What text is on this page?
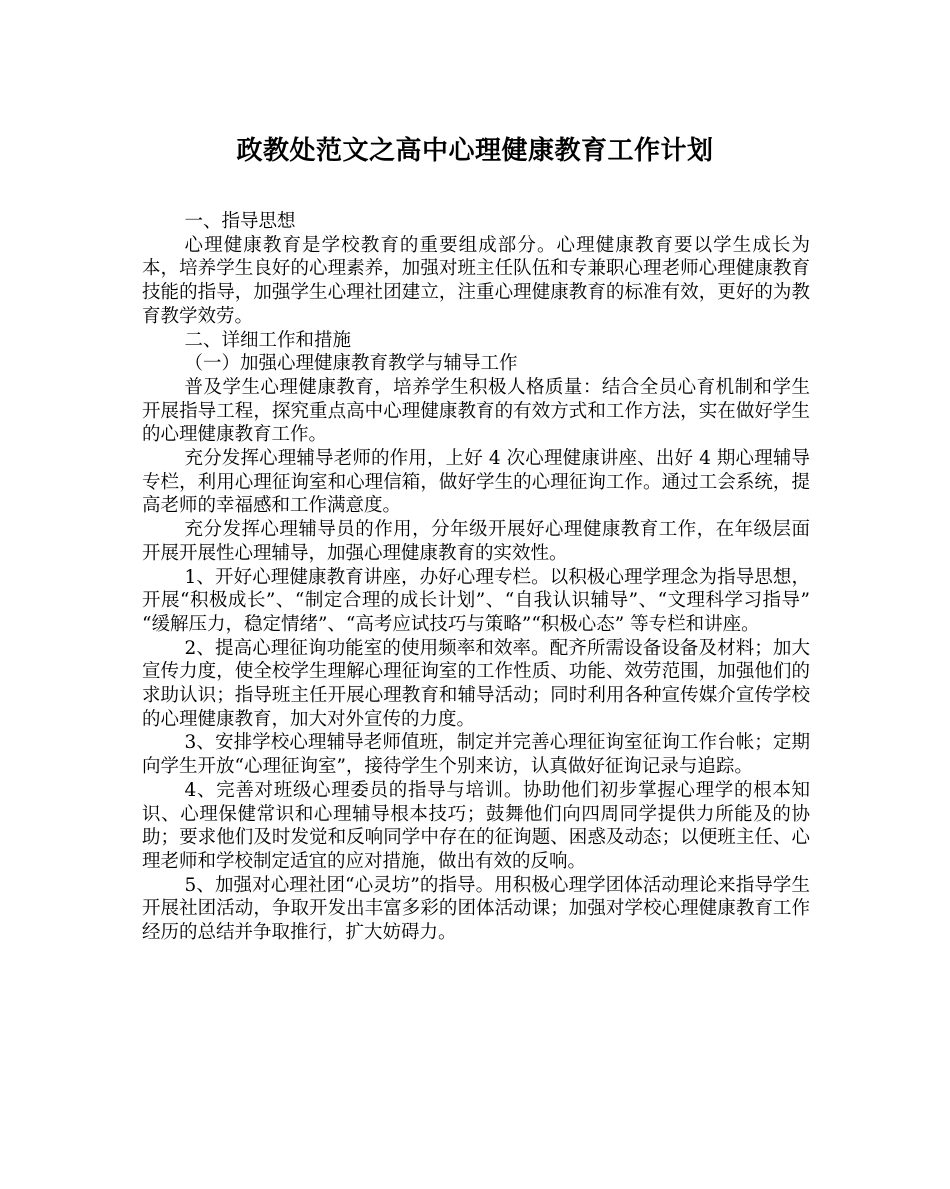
政教处范文之高中心理健康教育工作计划

一、指导思想

心理健康教育是学校教育的重要组成部分。心理健康教育要以学生成长为本，培养学生良好的心理素养，加强对班主任队伍和专兼职心理老师心理健康教育技能的指导，加强学生心理社团建立，注重心理健康教育的标准有效，更好的为教育教学效劳。

二、详细工作和措施

（一）加强心理健康教育教学与辅导工作

普及学生心理健康教育，培养学生积极人格质量：结合全员心育机制和学生开展指导工程，探究重点高中心理健康教育的有效方式和工作方法，实在做好学生的心理健康教育工作。

充分发挥心理辅导老师的作用，上好 4 次心理健康讲座、出好 4 期心理辅导专栏，利用心理征询室和心理信箱，做好学生的心理征询工作。通过工会系统，提高老师的幸福感和工作满意度。

充分发挥心理辅导员的作用，分年级开展好心理健康教育工作，在年级层面开展开展性心理辅导，加强心理健康教育的实效性。

1、开好心理健康教育讲座，办好心理专栏。以积极心理学理念为指导思想，开展“积极成长”、“制定合理的成长计划”、“自我认识辅导”、“文理科学习指导” “缓解压力，稳定情绪”、“高考应试技巧与策略”“积极心态” 等专栏和讲座。

2、提高心理征询功能室的使用频率和效率。配齐所需设备设备及材料；加大宣传力度，使全校学生理解心理征询室的工作性质、功能、效劳范围，加强他们的求助认识；指导班主任开展心理教育和辅导活动；同时利用各种宣传媒介宣传学校的心理健康教育，加大对外宣传的力度。

3、安排学校心理辅导老师值班，制定并完善心理征询室征询工作台帐；定期向学生开放“心理征询室”，接待学生个别来访，认真做好征询记录与追踪。

4、完善对班级心理委员的指导与培训。协助他们初步掌握心理学的根本知识、心理保健常识和心理辅导根本技巧；鼓舞他们向四周同学提供力所能及的协助；要求他们及时发觉和反响同学中存在的征询题、困惑及动态；以便班主任、心理老师和学校制定适宜的应对措施，做出有效的反响。

5、加强对心理社团“心灵坊”的指导。用积极心理学团体活动理论来指导学生开展社团活动，争取开发出丰富多彩的团体活动课；加强对学校心理健康教育工作经历的总结并争取推行，扩大妨碍力。
